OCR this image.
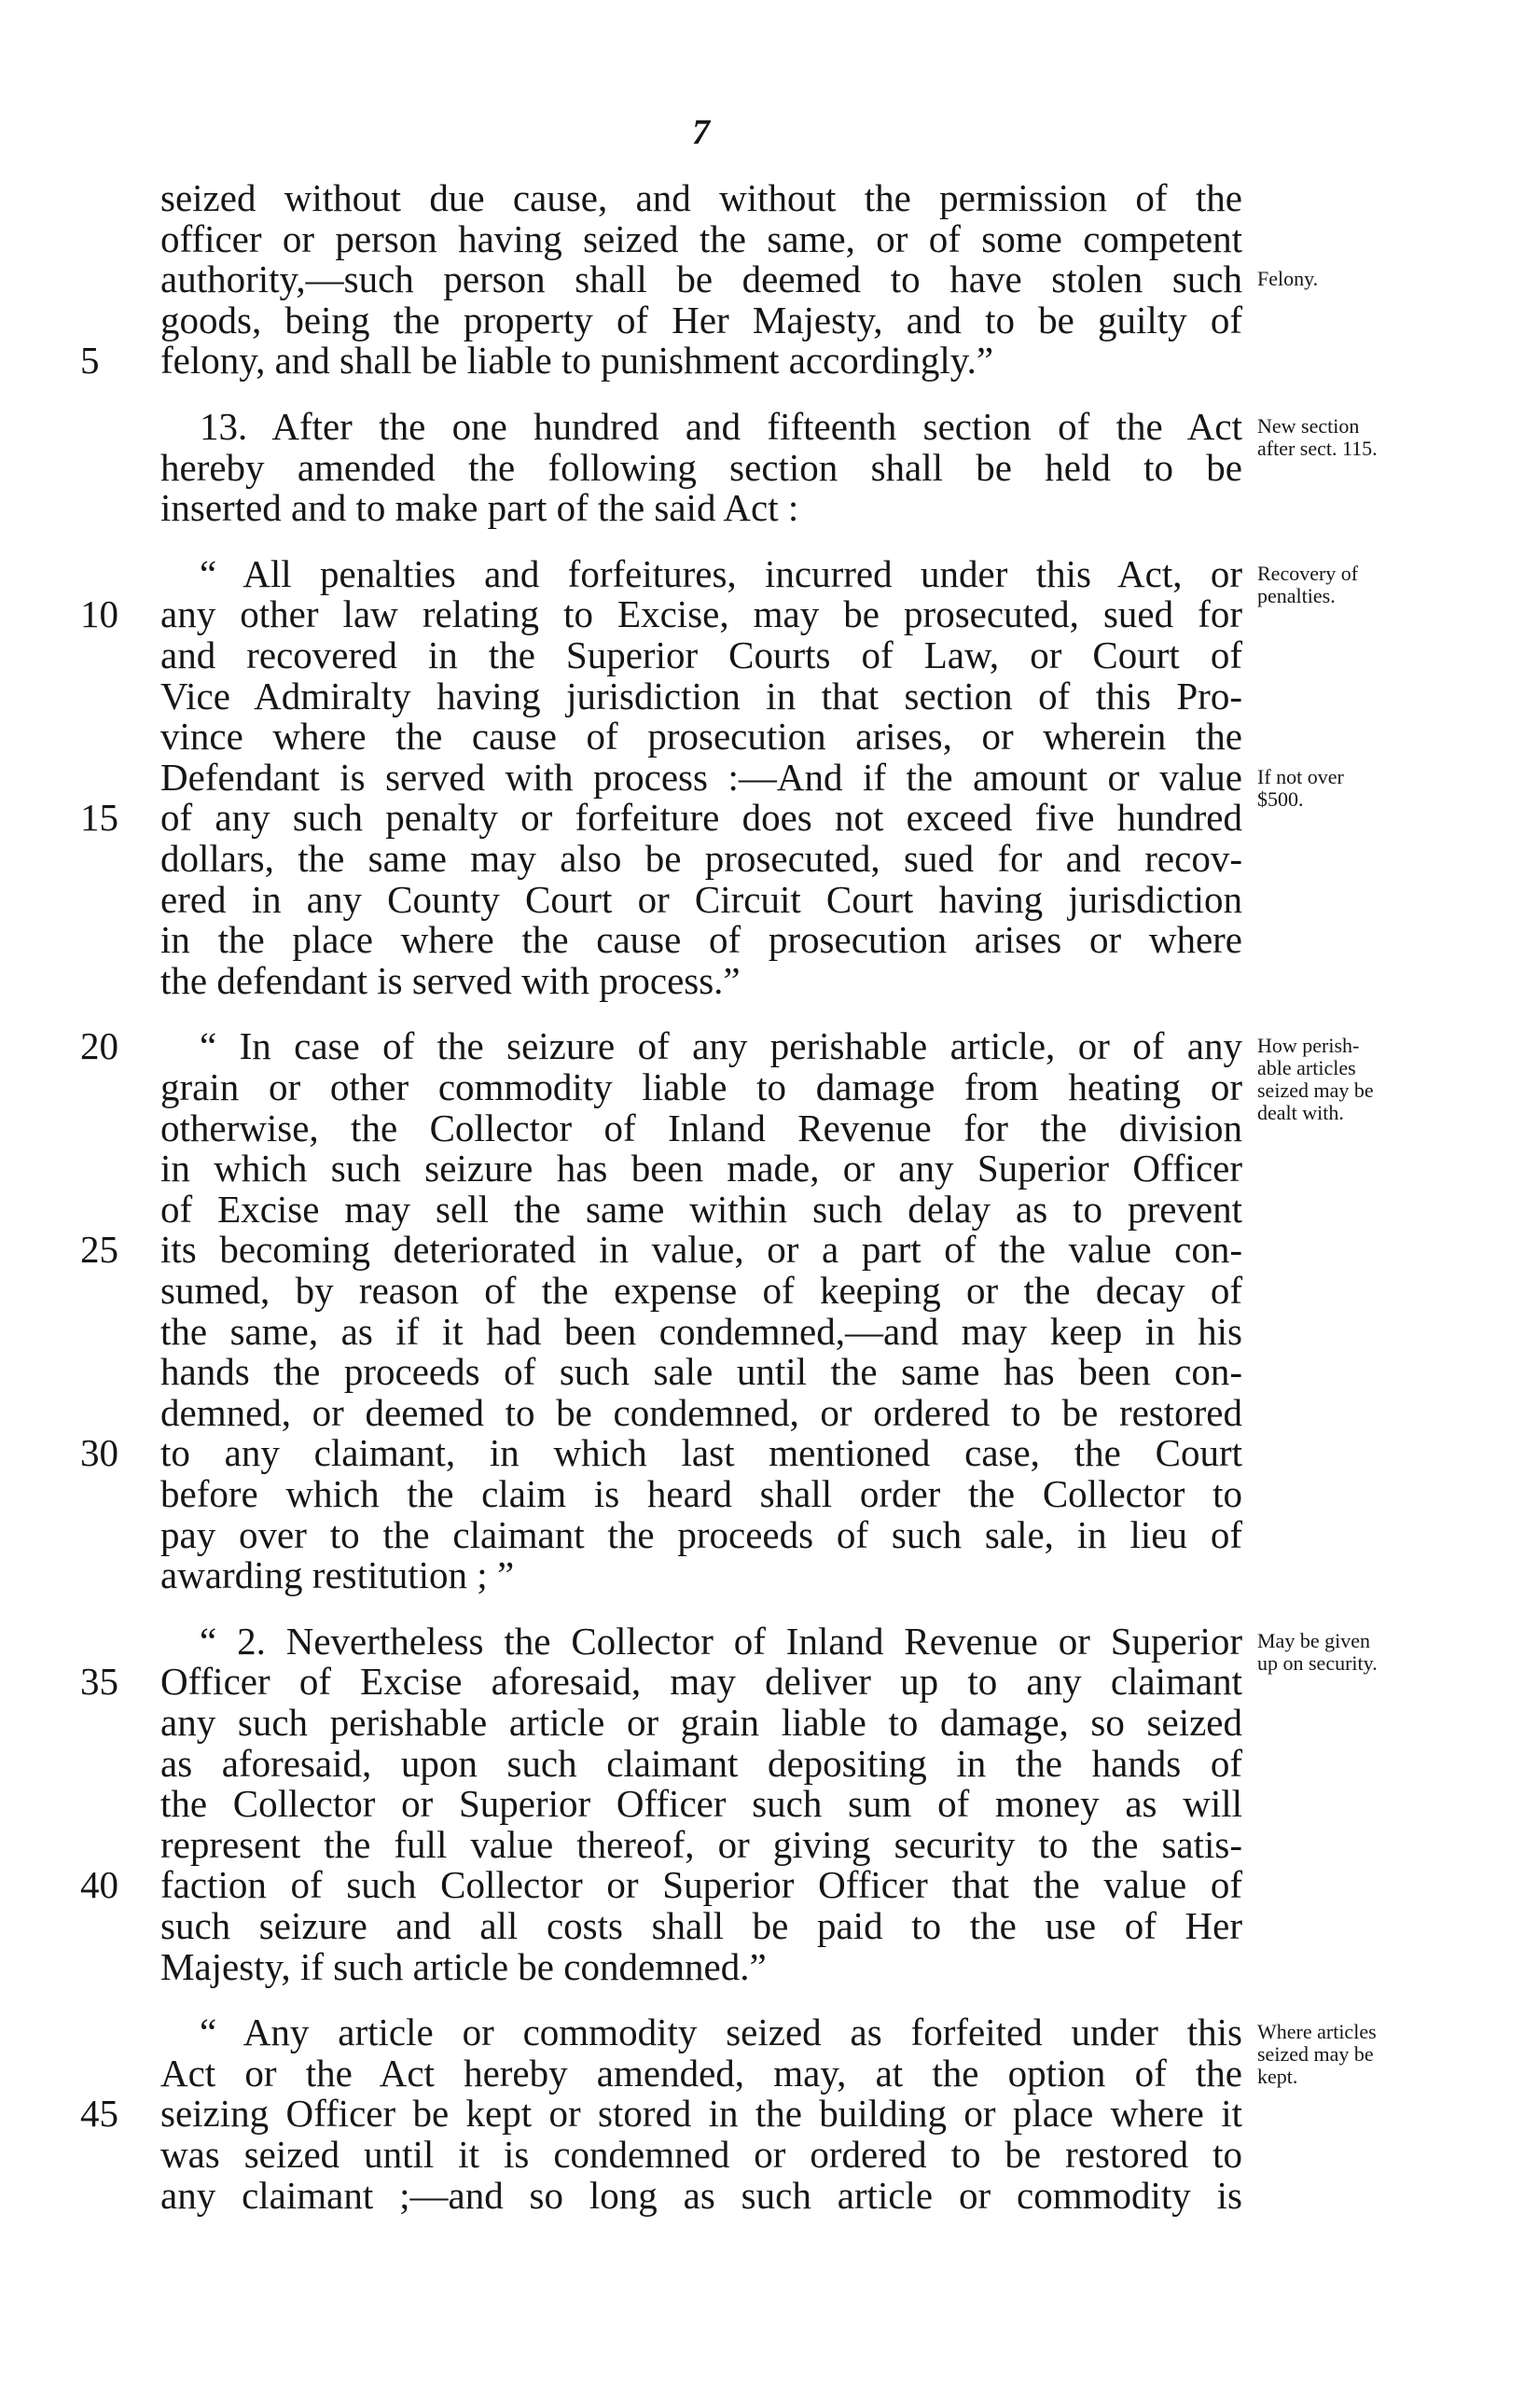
7
seized without due cause, and without the permission of the
officer or person having seized the same, or of some competent
authority,—such person shall be deemed to have stolen such
goods, being the property of Her Majesty, and to be guilty of
felony, and shall be liable to punishment accordingly.”
13. After the one hundred and fifteenth section of the Act
hereby amended the following section shall be held to be
inserted and to make part of the said Act :
“ All penalties and forfeitures, incurred under this Act, or
any other law relating to Excise, may be prosecuted, sued for
and recovered in the Superior Courts of Law, or Court of
Vice Admiralty having jurisdiction in that section of this Pro-
vince where the cause of prosecution arises, or wherein the
Defendant is served with process :—And if the amount or value
of any such penalty or forfeiture does not exceed five hundred
dollars, the same may also be prosecuted, sued for and recov-
ered in any County Court or Circuit Court having jurisdiction
in the place where the cause of prosecution arises or where
the defendant is served with process.”
“ In case of the seizure of any perishable article, or of any
grain or other commodity liable to damage from heating or
otherwise, the Collector of Inland Revenue for the division
in which such seizure has been made, or any Superior Officer
of Excise may sell the same within such delay as to prevent
its becoming deteriorated in value, or a part of the value con-
sumed, by reason of the expense of keeping or the decay of
the same, as if it had been condemned,—and may keep in his
hands the proceeds of such sale until the same has been con-
demned, or deemed to be condemned, or ordered to be restored
to any claimant, in which last mentioned case, the Court
before which the claim is heard shall order the Collector to
pay over to the claimant the proceeds of such sale, in lieu of
awarding restitution ; ”
“ 2. Nevertheless the Collector of Inland Revenue or Superior
Officer of Excise aforesaid, may deliver up to any claimant
any such perishable article or grain liable to damage, so seized
as aforesaid, upon such claimant depositing in the hands of
the Collector or Superior Officer such sum of money as will
represent the full value thereof, or giving security to the satis-
faction of such Collector or Superior Officer that the value of
such seizure and all costs shall be paid to the use of Her
Majesty, if such article be condemned.”
“ Any article or commodity seized as forfeited under this
Act or the Act hereby amended, may, at the option of the
seizing Officer be kept or stored in the building or place where it
was seized until it is condemned or ordered to be restored to
any claimant ;—and so long as such article or commodity is
5
10
15
20
25
30
35
40
45
Felony.
New section
after sect. 115.
Recovery of
penalties.
If not over
$500.
How perish-
able articles
seized may be
dealt with.
May be given
up on security.
Where articles
seized may be
kept.
